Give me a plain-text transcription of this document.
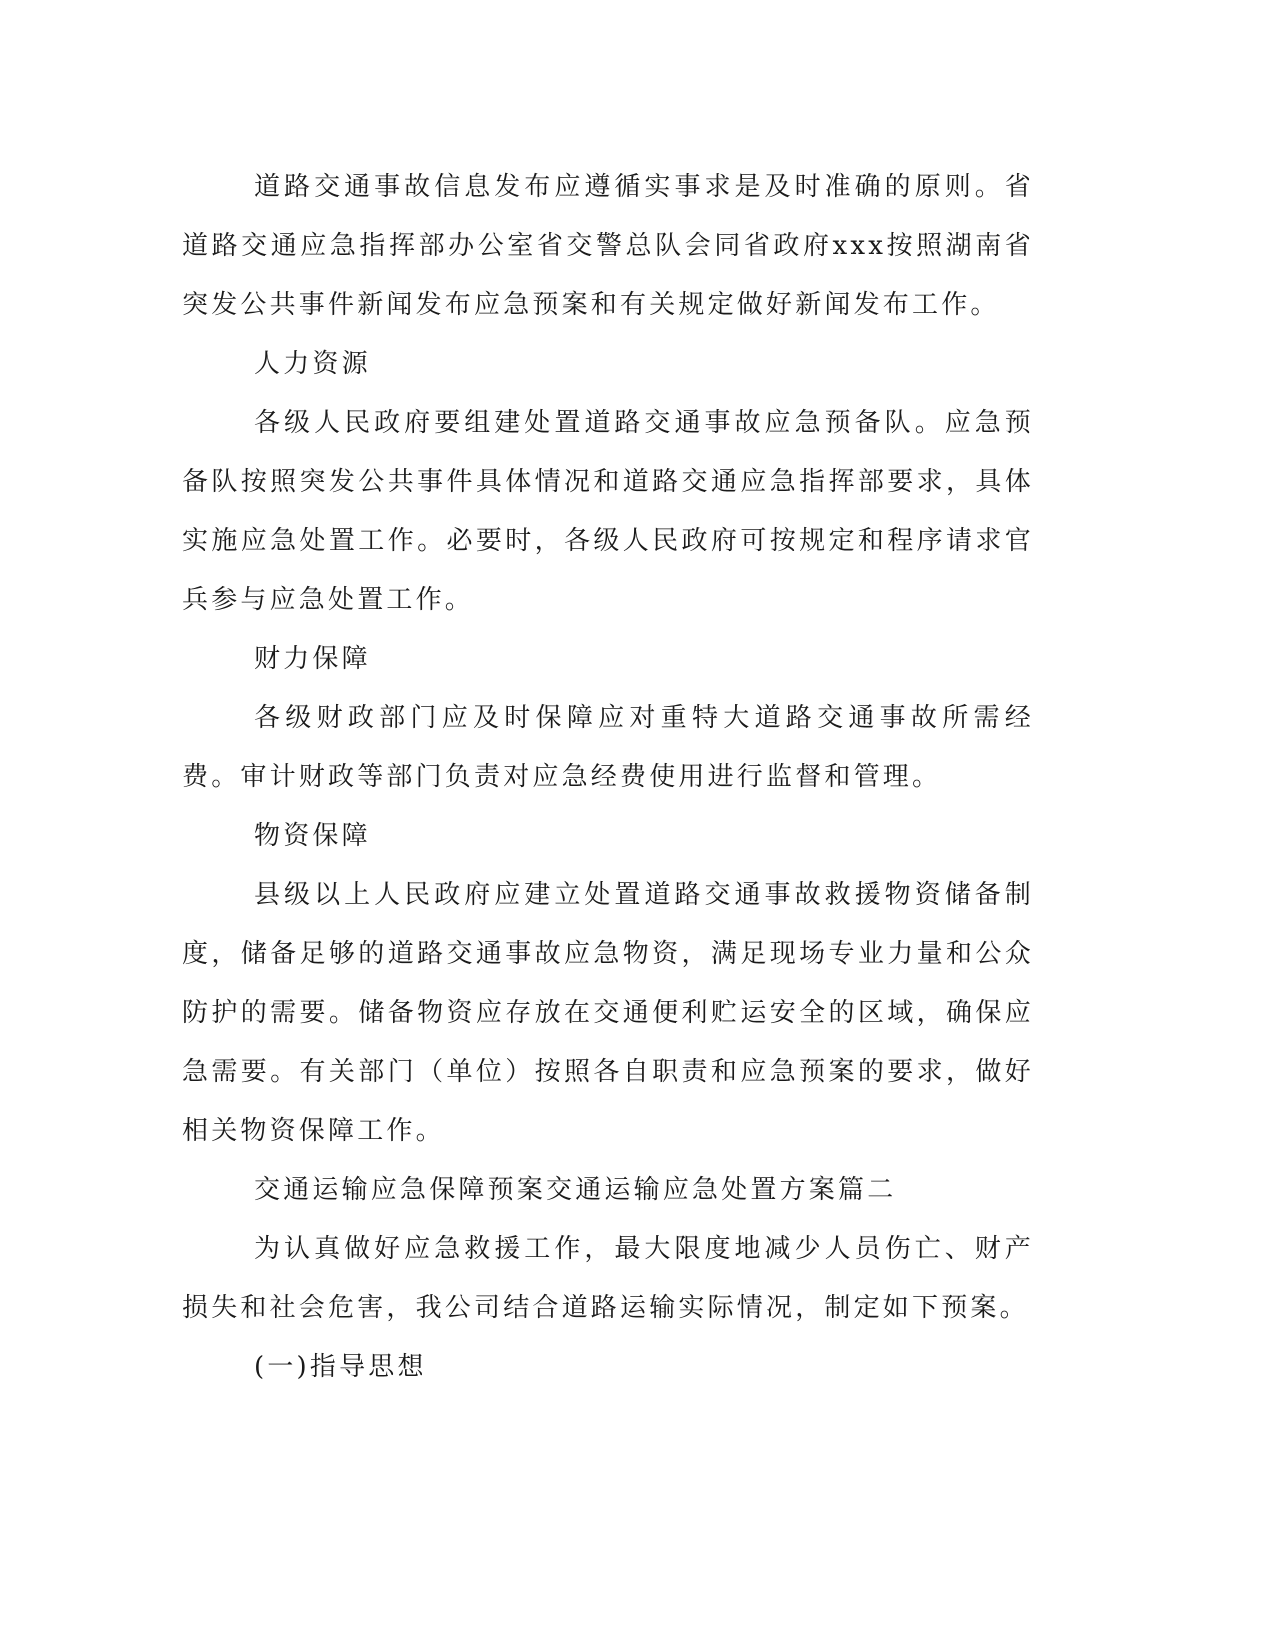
道路交通事故信息发布应遵循实事求是及时准确的原则。省道路交通应急指挥部办公室省交警总队会同省政府xxx按照湖南省突发公共事件新闻发布应急预案和有关规定做好新闻发布工作。

人力资源

各级人民政府要组建处置道路交通事故应急预备队。应急预备队按照突发公共事件具体情况和道路交通应急指挥部要求，具体实施应急处置工作。必要时，各级人民政府可按规定和程序请求官兵参与应急处置工作。

财力保障

各级财政部门应及时保障应对重特大道路交通事故所需经费。审计财政等部门负责对应急经费使用进行监督和管理。

物资保障

县级以上人民政府应建立处置道路交通事故救援物资储备制度，储备足够的道路交通事故应急物资，满足现场专业力量和公众防护的需要。储备物资应存放在交通便利贮运安全的区域，确保应急需要。有关部门（单位）按照各自职责和应急预案的要求，做好相关物资保障工作。

交通运输应急保障预案交通运输应急处置方案篇二

为认真做好应急救援工作，最大限度地减少人员伤亡、财产损失和社会危害，我公司结合道路运输实际情况，制定如下预案。

(一)指导思想
